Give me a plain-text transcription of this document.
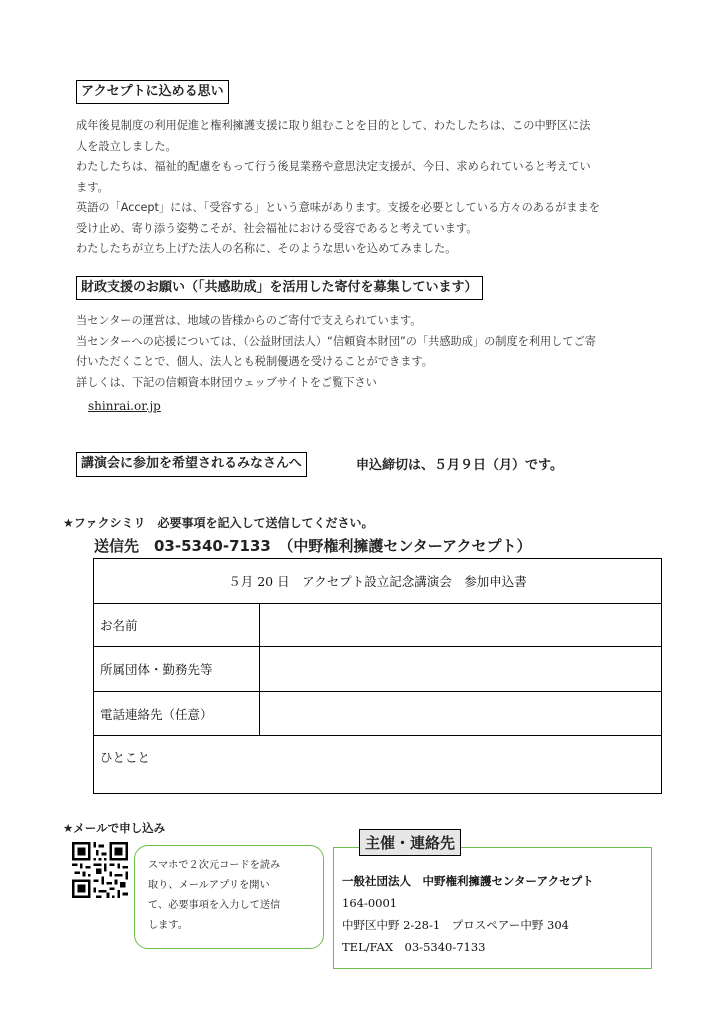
アクセプトに込める思い

成年後見制度の利用促進と権利擁護支援に取り組むことを目的として、わたしたちは、この中野区に法

人を設立しました。

わたしたちは、福祉的配慮をもって行う後見業務や意思決定支援が、今日、求められていると考えてい

ます。

英語の「Accept」には、「受容する」という意味があります。支援を必要としている方々のあるがままを

受け止め、寄り添う姿勢こそが、社会福祉における受容であると考えています。

わたしたちが立ち上げた法人の名称に、そのような思いを込めてみました。

財政支援のお願い（「共感助成」を活用した寄付を募集しています）

当センターの運営は、地域の皆様からのご寄付で支えられています。

当センターへの応援については、（公益財団法人）“信頼資本財団”の「共感助成」の制度を利用してご寄

付いただくことで、個人、法人とも税制優遇を受けることができます。

詳しくは、下記の信頼資本財団ウェッブサイトをご覧下さい

shinrai.or.jp
講演会に参加を希望されるみなさんへ	申込締切は、５月９日（月）です。
★ファクシミリ　必要事項を記入して送信してください。
送信先　03-5340-7133　（中野権利擁護センターアクセプト）
５月 20 日　アクセプト設立記念講演会　参加申込書	
お名前	
所属団体・勤務先等	
電話連絡先（任意）	
ひとこと	
★メールで申し込み
スマホで２次元コードを読み
取り、メールアプリを開い
て、必要事項を入力して送信
します。
主催・連絡先
一般社団法人　中野権利擁護センターアクセプト
164-0001
中野区中野 2-28-1　プロスペアー中野 304
TEL/FAX　03-5340-7133
